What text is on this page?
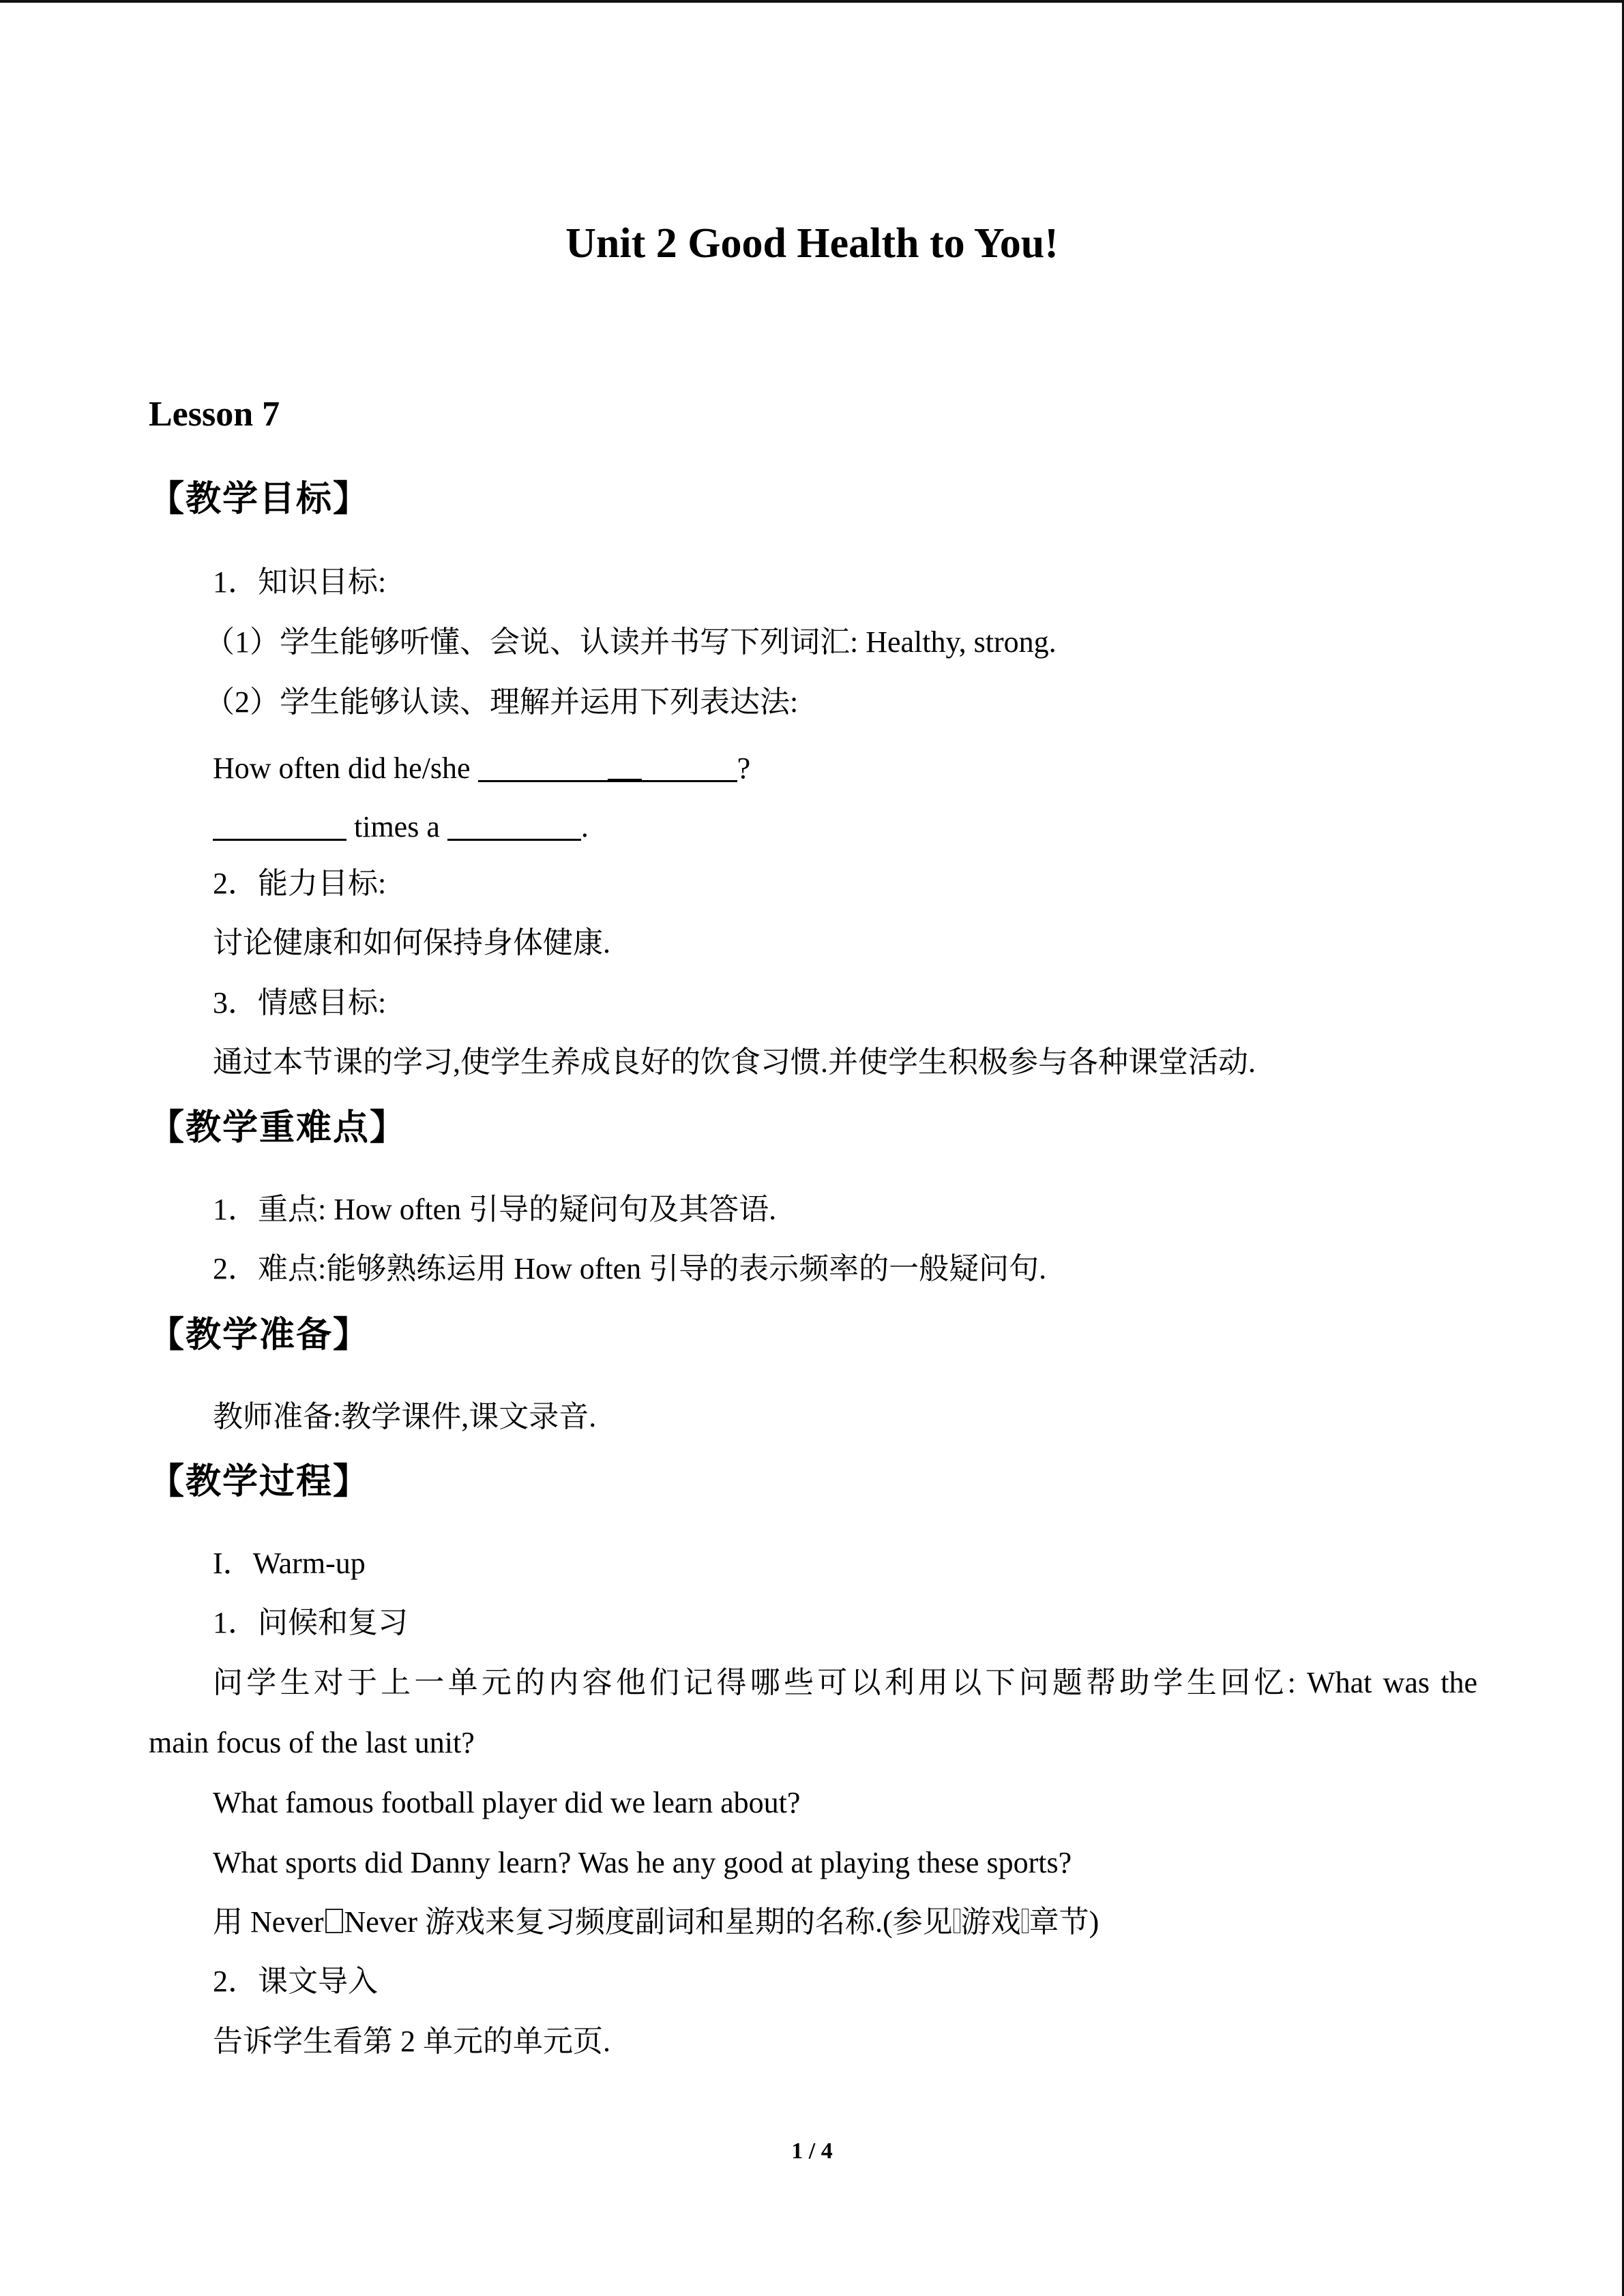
Unit 2 Good Health to You!
Lesson 7
【教学目标】
1．知识目标:
（1）学生能够听懂、会说、认读并书写下列词汇: Healthy, strong.
（2）学生能够认读、理解并运用下列表达法:
How often did he/she	?
times a	.
2．能力目标:
讨论健康和如何保持身体健康.
3．情感目标:
通过本节课的学习,使学生养成良好的饮食习惯.并使学生积极参与各种课堂活动.
【教学重难点】
1．重点: How often 引导的疑问句及其答语.
2．难点:能够熟练运用 How often 引导的表示频率的一般疑问句.
【教学准备】
教师准备:教学课件,课文录音.
【教学过程】
I．Warm-up
1．问候和复习
问学生对于上一单元的内容他们记得哪些可以利用以下问题帮助学生回忆: What was the
main focus of the last unit?
What famous football player did we learn about?
What sports did Danny learn? Was he any good at playing these sports?
用 Never Never 游戏来复习频度副词和星期的名称.(参见 游戏 章节)
2．课文导入
告诉学生看第 2 单元的单元页.
1 / 4
